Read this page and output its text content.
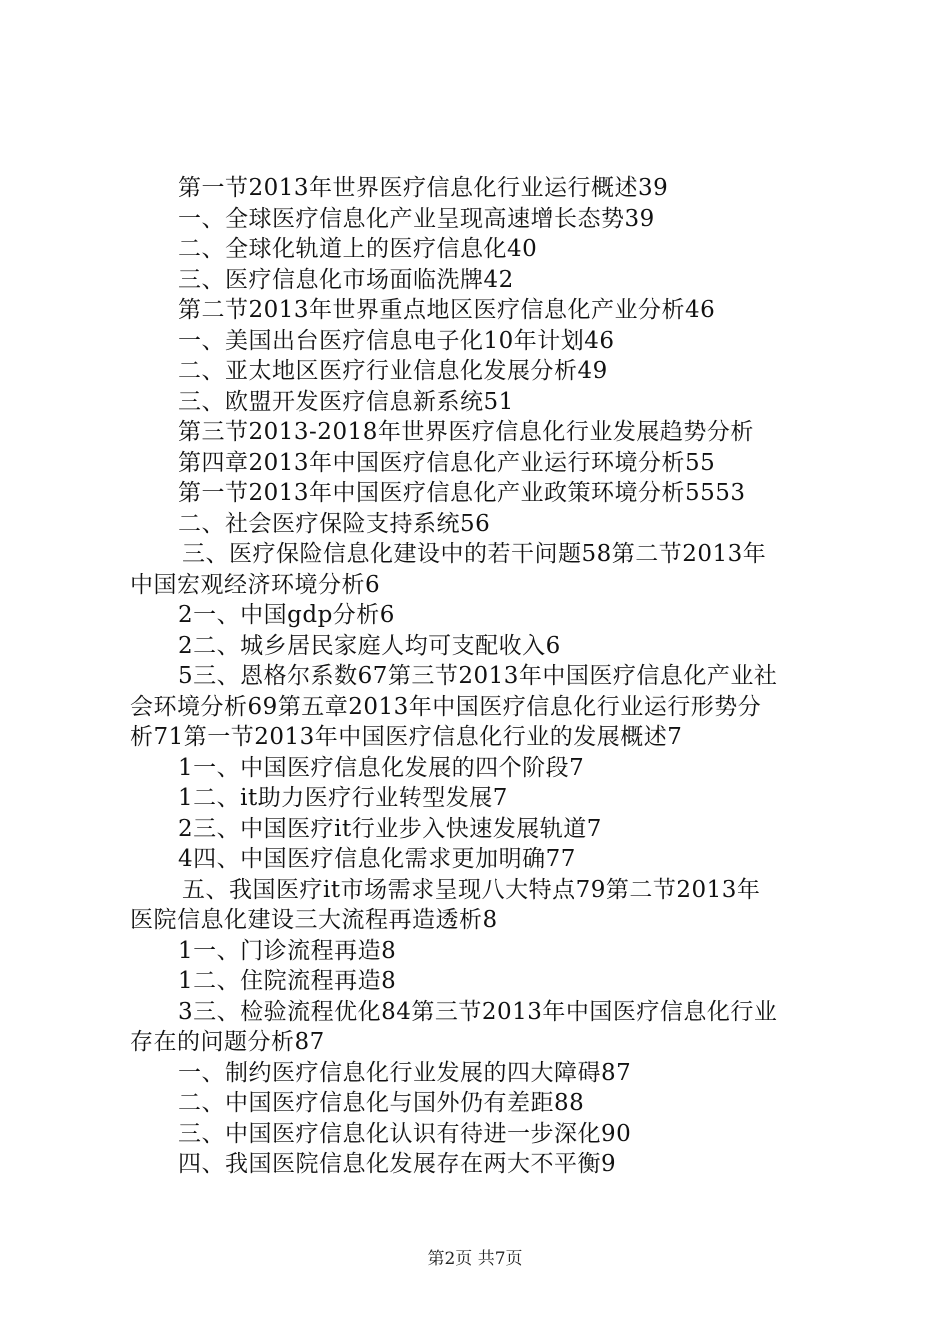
第一节2013年世界医疗信息化行业运行概述39
一、全球医疗信息化产业呈现高速增长态势39
二、全球化轨道上的医疗信息化40
三、医疗信息化市场面临洗牌42
第二节2013年世界重点地区医疗信息化产业分析46
一、美国出台医疗信息电子化10年计划46
二、亚太地区医疗行业信息化发展分析49
三、欧盟开发医疗信息新系统51
第三节2013-2018年世界医疗信息化行业发展趋势分析
第四章2013年中国医疗信息化产业运行环境分析55
第一节2013年中国医疗信息化产业政策环境分析5553
二、社会医疗保险支持系统56
三、医疗保险信息化建设中的若干问题58第二节2013年
中国宏观经济环境分析6
2一、中国gdp分析6
2二、城乡居民家庭人均可支配收入6
5三、恩格尔系数67第三节2013年中国医疗信息化产业社
会环境分析69第五章2013年中国医疗信息化行业运行形势分
析71第一节2013年中国医疗信息化行业的发展概述7
1一、中国医疗信息化发展的四个阶段7
1二、it助力医疗行业转型发展7
2三、中国医疗it行业步入快速发展轨道7
4四、中国医疗信息化需求更加明确77
五、我国医疗it市场需求呈现八大特点79第二节2013年
医院信息化建设三大流程再造透析8
1一、门诊流程再造8
1二、住院流程再造8
3三、检验流程优化84第三节2013年中国医疗信息化行业
存在的问题分析87
一、制约医疗信息化行业发展的四大障碍87
二、中国医疗信息化与国外仍有差距88
三、中国医疗信息化认识有待进一步深化90
四、我国医院信息化发展存在两大不平衡9
第2页 共7页
